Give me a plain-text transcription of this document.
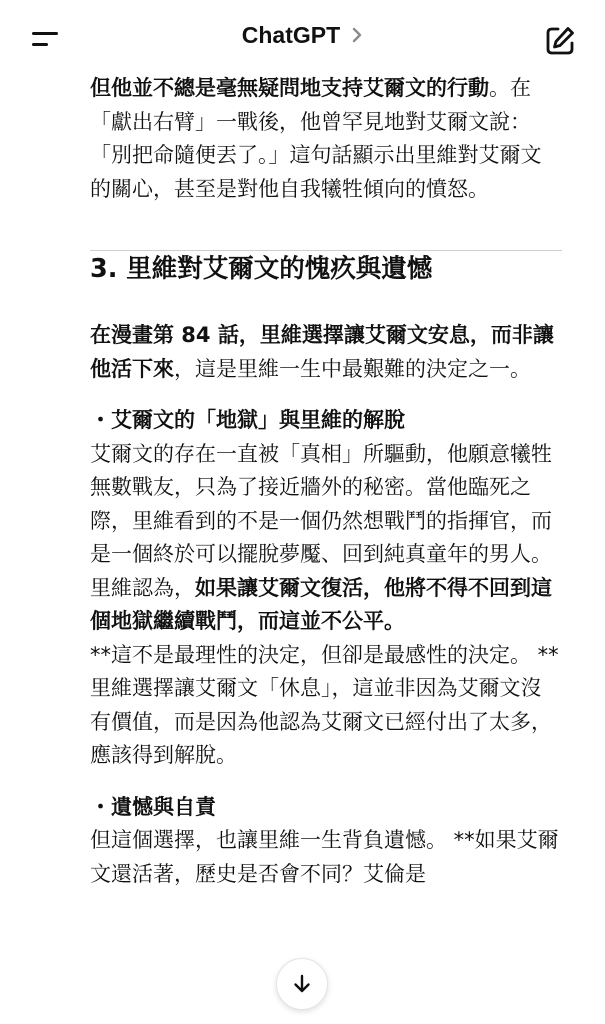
ChatGPT

但他並不總是毫無疑問地支持艾爾文的行動。在「獻出右臂」一戰後，他曾罕見地對艾爾文說：「別把命隨便丟了。」這句話顯示出里維對艾爾文的關心，甚至是對他自我犧牲傾向的憤怒。

3. 里維對艾爾文的愧疚與遺憾

在漫畫第 84 話，里維選擇讓艾爾文安息，而非讓他活下來，這是里維一生中最艱難的決定之一。

・艾爾文的「地獄」與里維的解脫

艾爾文的存在一直被「真相」所驅動，他願意犧牲無數戰友，只為了接近牆外的秘密。當他臨死之際，里維看到的不是一個仍然想戰鬥的指揮官，而是一個終於可以擺脫夢魘、回到純真童年的男人。里維認為，如果讓艾爾文復活，他將不得不回到這個地獄繼續戰鬥，而這並不公平。

**這不是最理性的決定，但卻是最感性的決定。 **里維選擇讓艾爾文「休息」，這並非因為艾爾文沒有價值，而是因為他認為艾爾文已經付出了太多，應該得到解脫。

・遺憾與自責

但這個選擇，也讓里維一生背負遺憾。 **如果艾爾文還活著，歷史是否會不同？艾倫是
